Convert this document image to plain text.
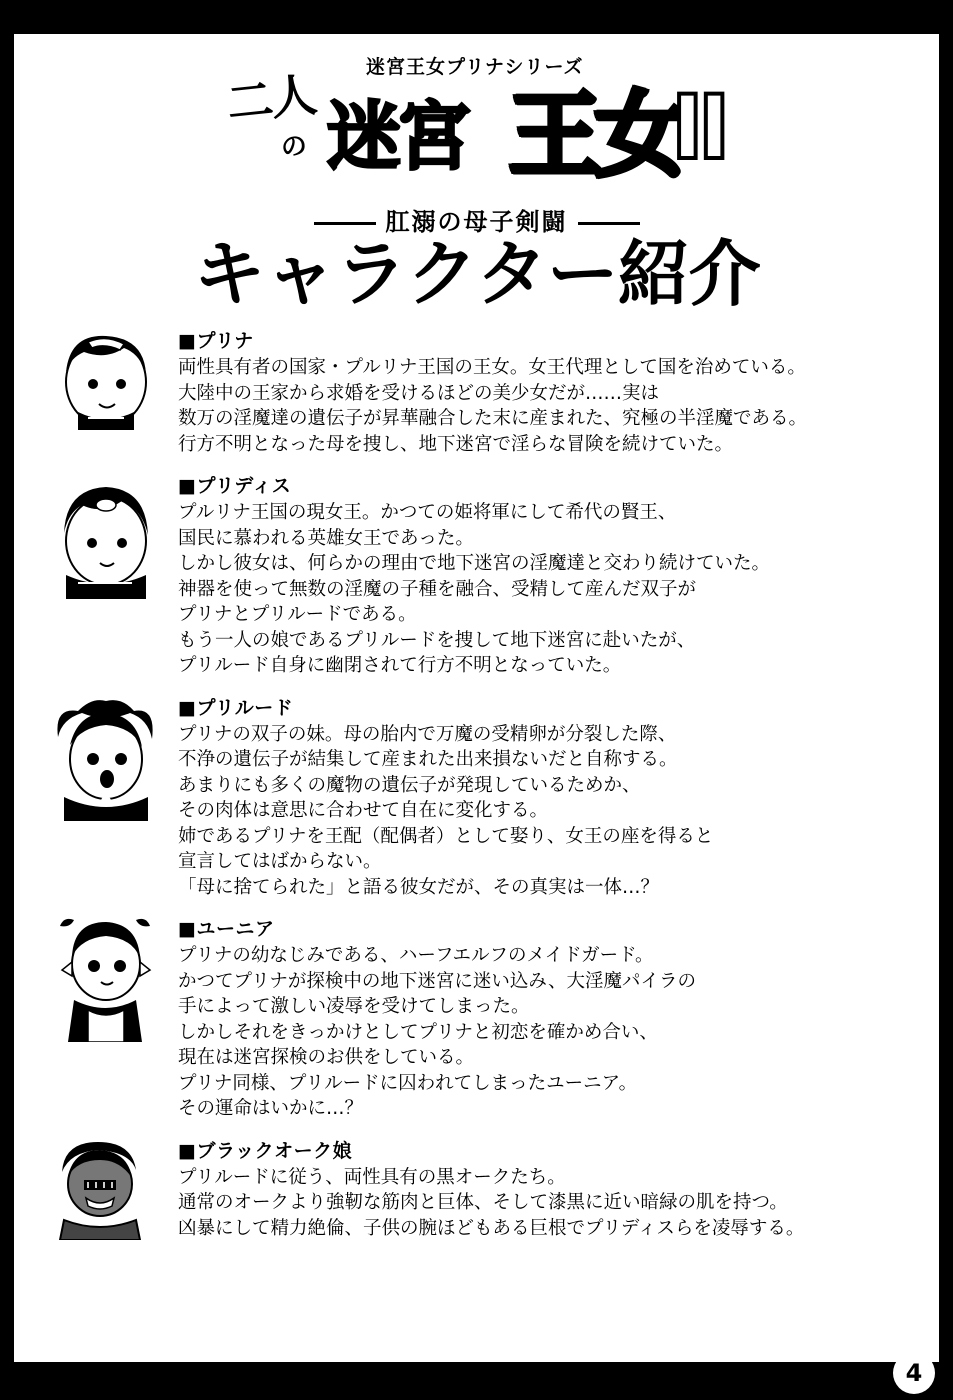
迷宮王女プリナシリーズ
二人
の 迷宮 王女
II
肛溺の母子剣闘
キャラクター紹介
■プリナ

両性具有者の国家・プルリナ王国の王女。女王代理として国を治めている。

大陸中の王家から求婚を受けるほどの美少女だが……実は

数万の淫魔達の遺伝子が昇華融合した末に産まれた、究極の半淫魔である。

行方不明となった母を捜し、地下迷宮で淫らな冒険を続けていた。

■プリディス

プルリナ王国の現女王。かつての姫将軍にして希代の賢王、

国民に慕われる英雄女王であった。

しかし彼女は、何らかの理由で地下迷宮の淫魔達と交わり続けていた。

神器を使って無数の淫魔の子種を融合、受精して産んだ双子が

プリナとプリルードである。

もう一人の娘であるプリルードを捜して地下迷宮に赴いたが、

プリルード自身に幽閉されて行方不明となっていた。

■プリルード

プリナの双子の妹。母の胎内で万魔の受精卵が分裂した際、

不浄の遺伝子が結集して産まれた出来損ないだと自称する。

あまりにも多くの魔物の遺伝子が発現しているためか、

その肉体は意思に合わせて自在に変化する。

姉であるプリナを王配（配偶者）として娶り、女王の座を得ると

宣言してはばからない。

「母に捨てられた」と語る彼女だが、その真実は一体…？

■ユーニア

プリナの幼なじみである、ハーフエルフのメイドガード。

かつてプリナが探検中の地下迷宮に迷い込み、大淫魔パイラの

手によって激しい凌辱を受けてしまった。

しかしそれをきっかけとしてプリナと初恋を確かめ合い、

現在は迷宮探検のお供をしている。

プリナ同様、プリルードに囚われてしまったユーニア。

その運命はいかに…？

■ブラックオーク娘

プリルードに従う、両性具有の黒オークたち。

通常のオークより強靭な筋肉と巨体、そして漆黒に近い暗緑の肌を持つ。

凶暴にして精力絶倫、子供の腕ほどもある巨根でプリディスらを凌辱する。

4
